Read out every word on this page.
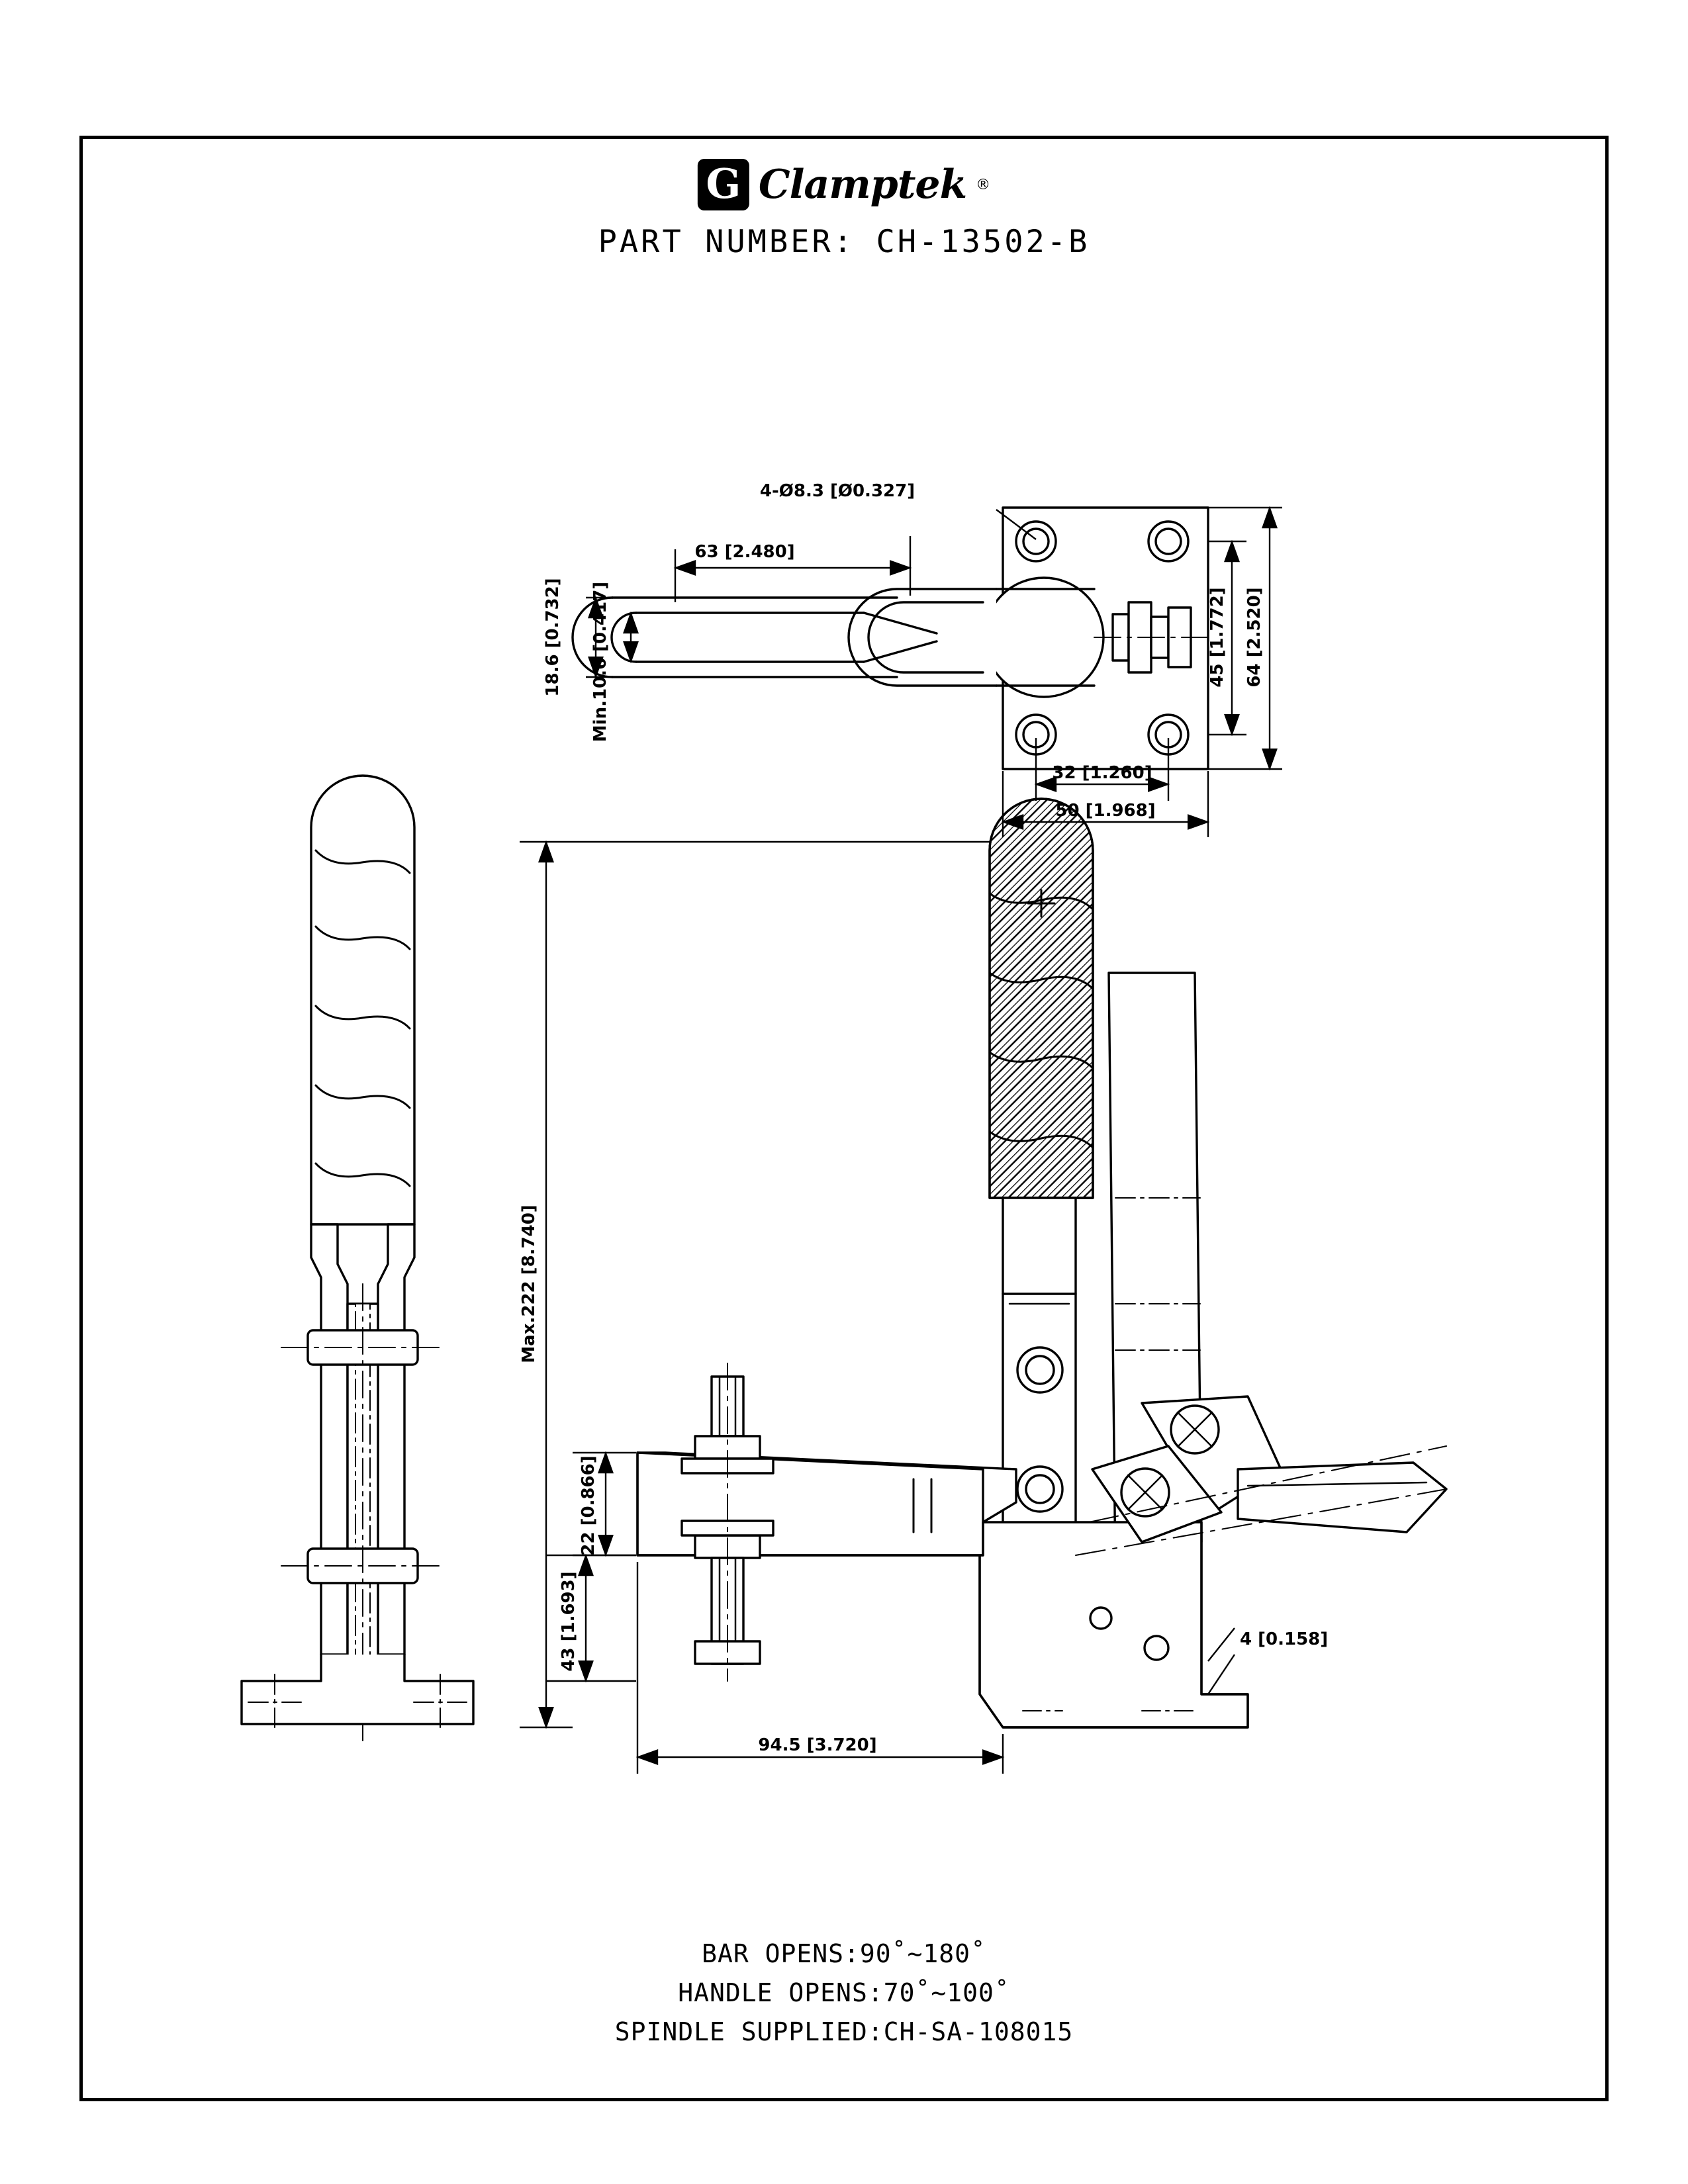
G
Clamptek ®
PART NUMBER: CH-13502-B
63 [2.480]
4-Ø8.3 [Ø0.327]
18.6 [0.732] Min.10.6 [0.417]	45 [1.772] 64 [2.520]
32 [1.260]
50 [1.968]
Max.222 [8.740]
22 [0.866]
43 [1.693]
94.5 [3.720]
4 [0.158]
BAR OPENS:90˚~180˚
HANDLE OPENS:70˚~100˚
SPINDLE SUPPLIED:CH-SA-108015
